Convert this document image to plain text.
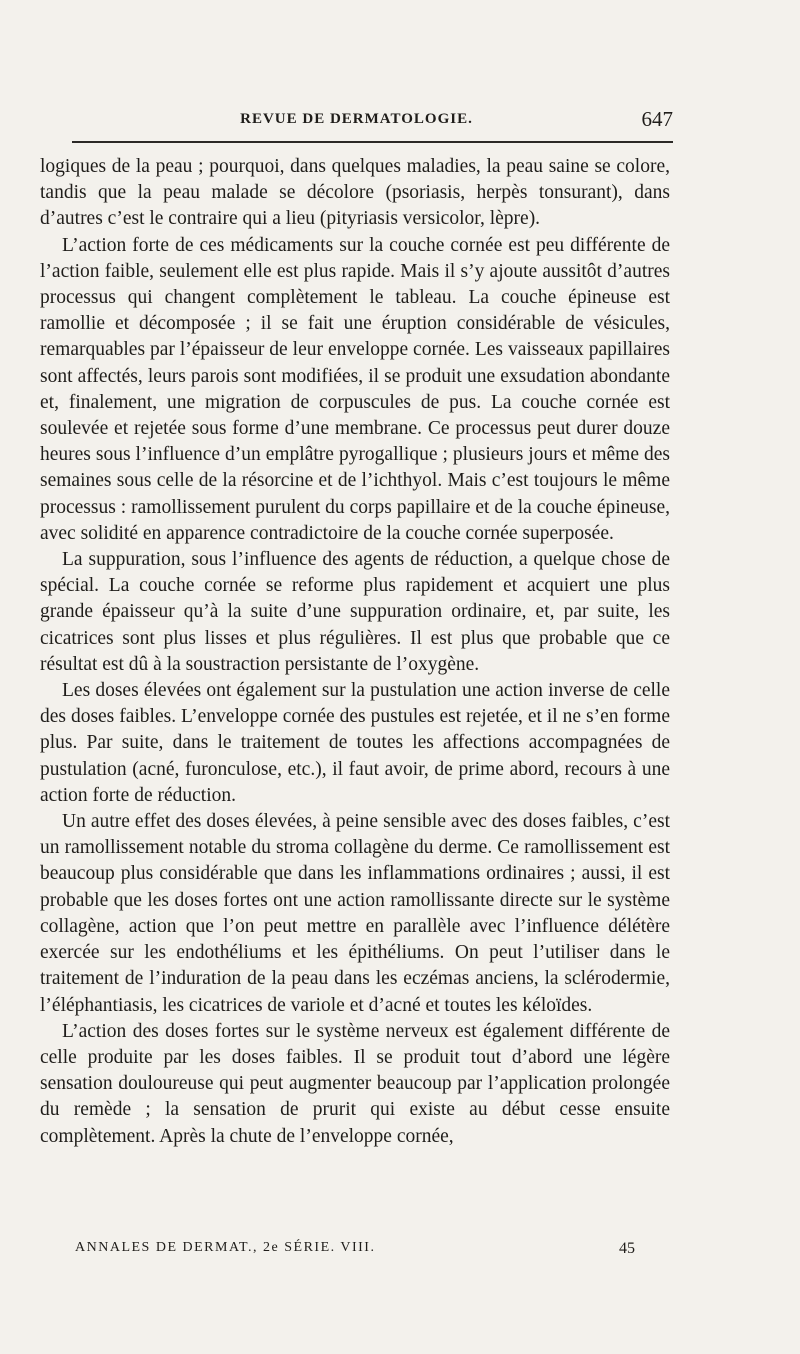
REVUE DE DERMATOLOGIE.	647

logiques de la peau ; pourquoi, dans quelques maladies, la peau saine se colore, tandis que la peau malade se décolore (psoriasis, herpès tonsurant), dans d’autres c’est le contraire qui a lieu (pityriasis versicolor, lèpre).

L’action forte de ces médicaments sur la couche cornée est peu différente de l’action faible, seulement elle est plus rapide. Mais il s’y ajoute aussitôt d’autres processus qui changent complètement le tableau. La couche épineuse est ramollie et décomposée ; il se fait une éruption considérable de vésicules, remarquables par l’épaisseur de leur enveloppe cornée. Les vaisseaux papillaires sont affectés, leurs parois sont modifiées, il se produit une exsudation abondante et, finalement, une migration de corpuscules de pus. La couche cornée est soulevée et rejetée sous forme d’une membrane. Ce processus peut durer douze heures sous l’influence d’un emplâtre pyrogallique ; plusieurs jours et même des semaines sous celle de la résorcine et de l’ichthyol. Mais c’est toujours le même processus : ramollissement purulent du corps papillaire et de la couche épineuse, avec solidité en apparence contradictoire de la couche cornée superposée.

La suppuration, sous l’influence des agents de réduction, a quelque chose de spécial. La couche cornée se reforme plus rapidement et acquiert une plus grande épaisseur qu’à la suite d’une suppuration ordinaire, et, par suite, les cicatrices sont plus lisses et plus régulières. Il est plus que probable que ce résultat est dû à la soustraction persistante de l’oxygène.

Les doses élevées ont également sur la pustulation une action inverse de celle des doses faibles. L’enveloppe cornée des pustules est rejetée, et il ne s’en forme plus. Par suite, dans le traitement de toutes les affections accompagnées de pustulation (acné, furonculose, etc.), il faut avoir, de prime abord, recours à une action forte de réduction.

Un autre effet des doses élevées, à peine sensible avec des doses faibles, c’est un ramollissement notable du stroma collagène du derme. Ce ramollissement est beaucoup plus considérable que dans les inflammations ordinaires ; aussi, il est probable que les doses fortes ont une action ramollissante directe sur le système collagène, action que l’on peut mettre en parallèle avec l’influence délétère exercée sur les endothéliums et les épithéliums. On peut l’utiliser dans le traitement de l’induration de la peau dans les eczémas anciens, la sclérodermie, l’éléphantiasis, les cicatrices de variole et d’acné et toutes les kéloïdes.

L’action des doses fortes sur le système nerveux est également différente de celle produite par les doses faibles. Il se produit tout d’abord une légère sensation douloureuse qui peut augmenter beaucoup par l’application prolongée du remède ; la sensation de prurit qui existe au début cesse ensuite complètement. Après la chute de l’enveloppe cornée,

ANNALES DE DERMAT., 2e SÉRIE. VIII.	45
